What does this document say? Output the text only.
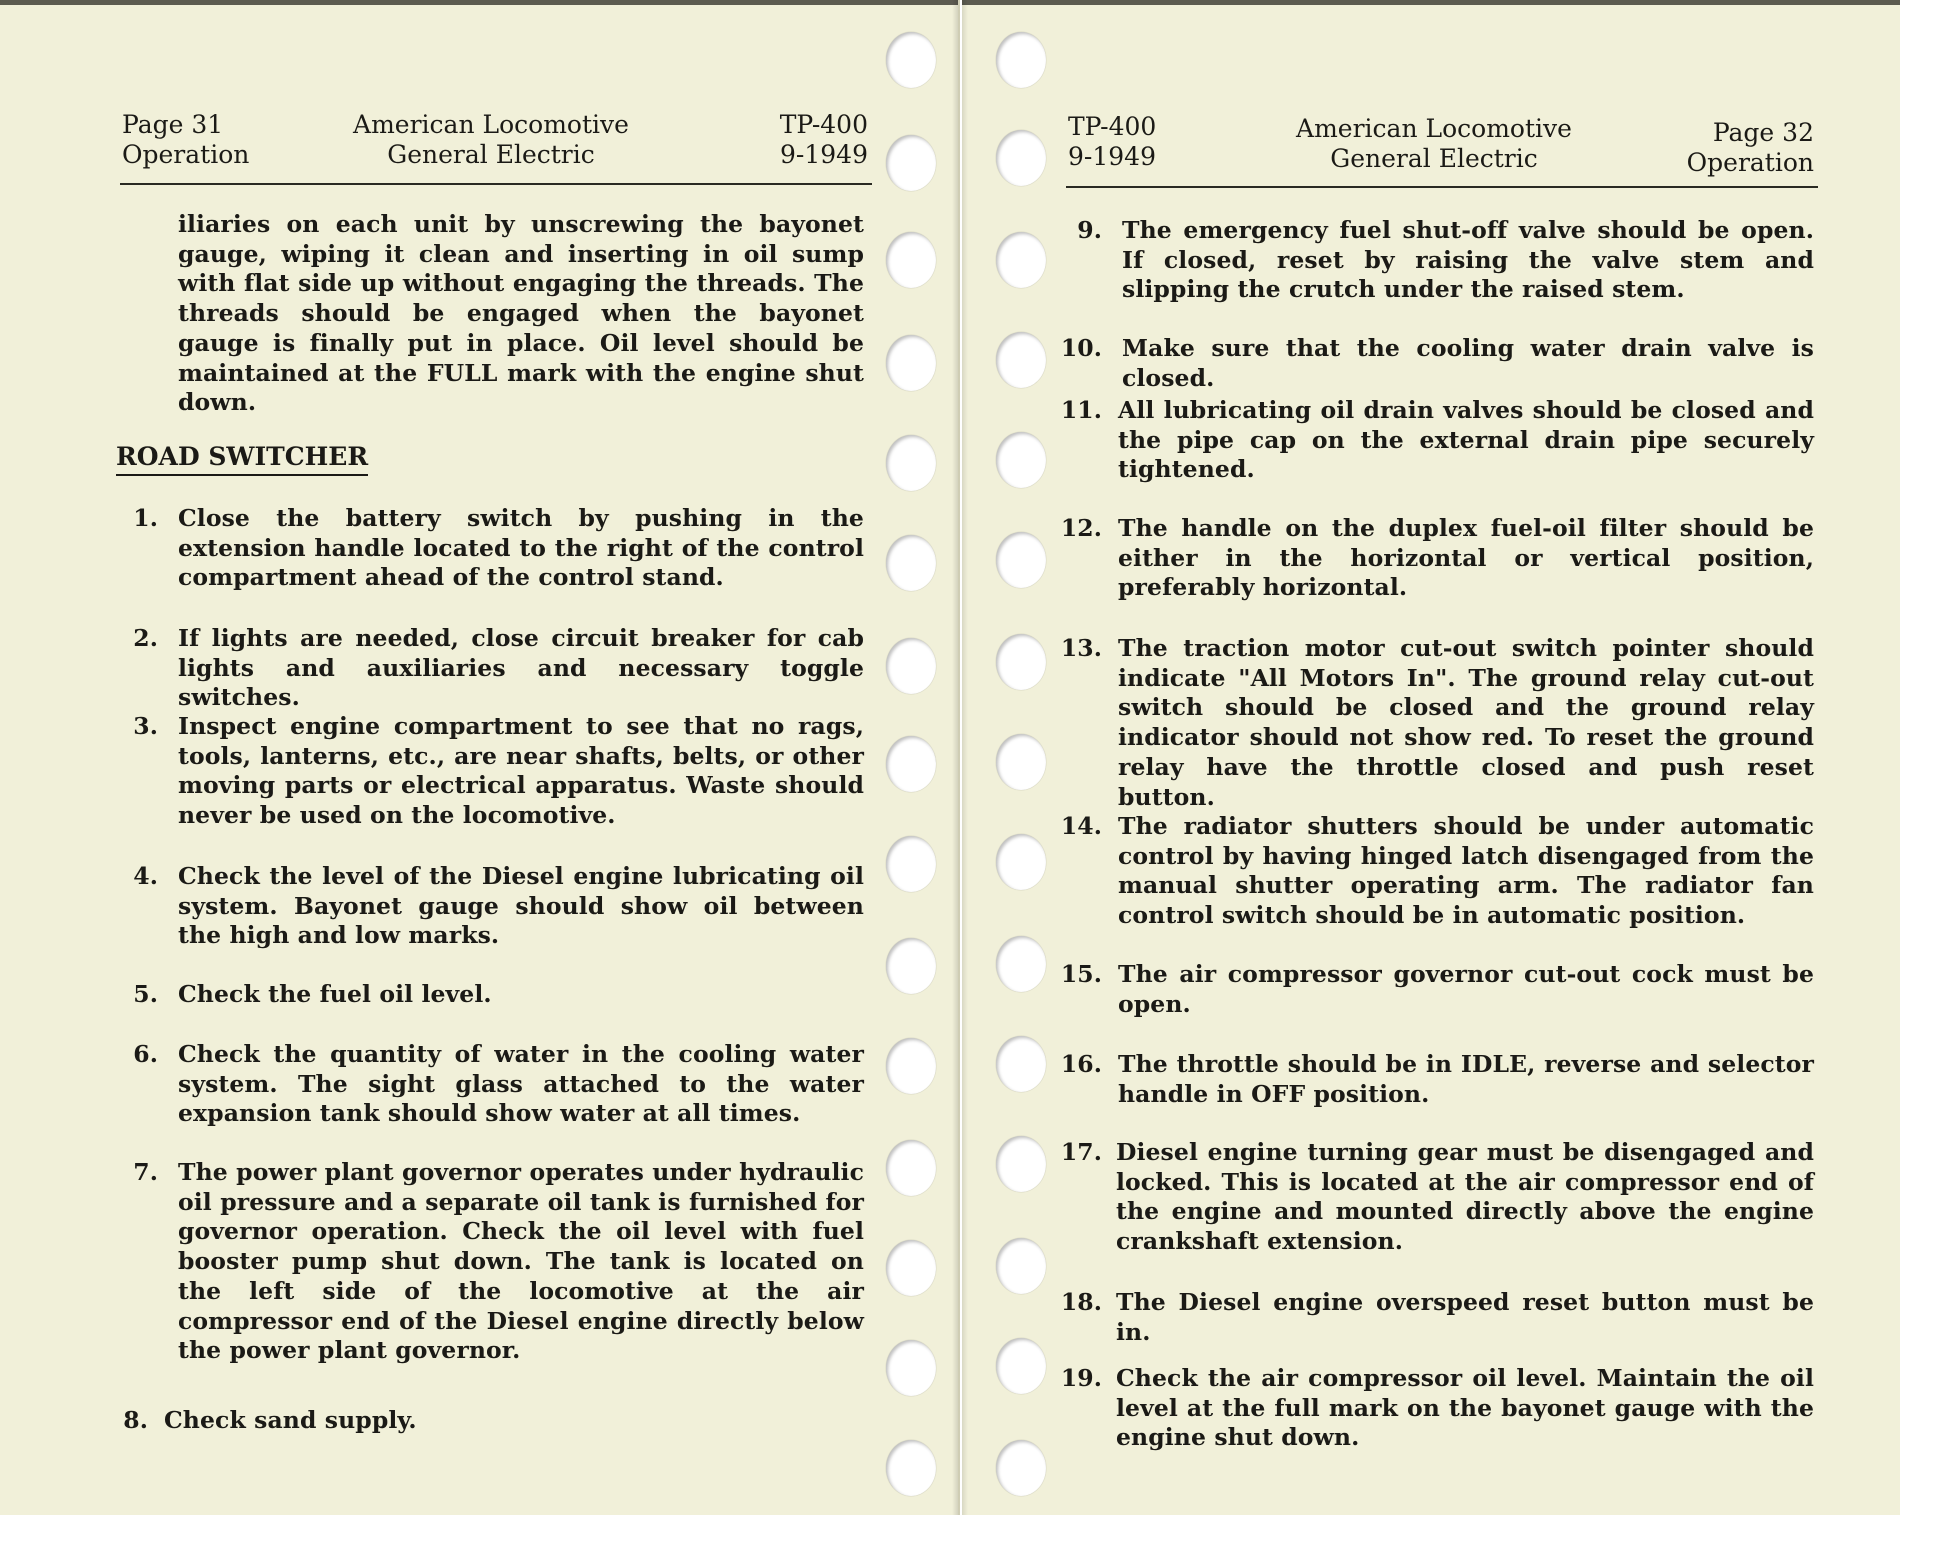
Page 31
Operation
American Locomotive
General Electric
TP-400
9-1949

iliaries on each unit by unscrewing the bayonet gauge, wiping it clean and inserting in oil sump with flat side up without engaging the threads. The threads should be engaged when the bayonet gauge is finally put in place. Oil level should be maintained at the FULL mark with the engine shut down.

ROAD SWITCHER
1. Close the battery switch by pushing in the extension handle located to the right of the control compartment ahead of the control stand.
2. If lights are needed, close circuit breaker for cab lights and auxiliaries and necessary toggle switches.
3. Inspect engine compartment to see that no rags, tools, lanterns, etc., are near shafts, belts, or other moving parts or electrical apparatus. Waste should never be used on the locomotive.
4. Check the level of the Diesel engine lubricating oil system. Bayonet gauge should show oil between the high and low marks.
5. Check the fuel oil level.
6. Check the quantity of water in the cooling water system. The sight glass attached to the water expansion tank should show water at all times.
7. The power plant governor operates under hydraulic oil pressure and a separate oil tank is furnished for governor operation. Check the oil level with fuel booster pump shut down. The tank is located on the left side of the locomotive at the air compressor end of the Diesel engine directly below the power plant governor.
8. Check sand supply.
TP-400
9-1949
American Locomotive
General Electric
Page 32
Operation
9. The emergency fuel shut-off valve should be open. If closed, reset by raising the valve stem and slipping the crutch under the raised stem.
10. Make sure that the cooling water drain valve is closed.
11. All lubricating oil drain valves should be closed and the pipe cap on the external drain pipe securely tightened.
12. The handle on the duplex fuel-oil filter should be either in the horizontal or vertical position, preferably horizontal.
13. The traction motor cut-out switch pointer should indicate "All Motors In". The ground relay cut-out switch should be closed and the ground relay indicator should not show red. To reset the ground relay have the throttle closed and push reset button.
14. The radiator shutters should be under automatic control by having hinged latch disengaged from the manual shutter operating arm. The radiator fan control switch should be in automatic position.
15. The air compressor governor cut-out cock must be open.
16. The throttle should be in IDLE, reverse and selector handle in OFF position.
17. Diesel engine turning gear must be disengaged and locked. This is located at the air compressor end of the engine and mounted directly above the engine crankshaft extension.
18. The Diesel engine overspeed reset button must be in.
19. Check the air compressor oil level. Maintain the oil level at the full mark on the bayonet gauge with the engine shut down.
